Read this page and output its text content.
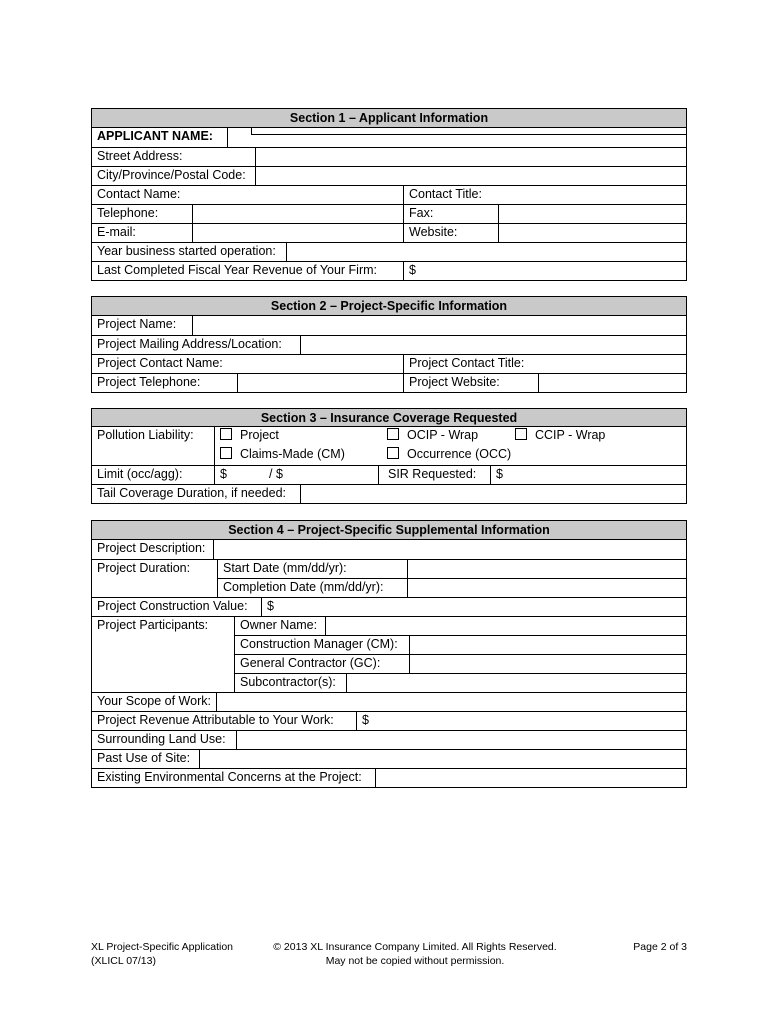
Section 1 – Applicant Information
APPLICANT NAME:
Street Address:
City/Province/Postal Code:
Contact Name:	Contact Title:
Telephone:	Fax:
E-mail:	Website:
Year business started operation:
Last Completed Fiscal Year Revenue of Your Firm:	$
Section 2 – Project-Specific Information
Project Name:
Project Mailing Address/Location:
Project Contact Name:	Project Contact Title:
Project Telephone:	Project Website:
Section 3 – Insurance Coverage Requested
Pollution Liability:	Project	OCIP - Wrap	CCIP - Wrap
Claims-Made (CM)	Occurrence (OCC)
Limit (occ/agg):	$	/ $	SIR Requested:	$
Tail Coverage Duration, if needed:
Section 4 – Project-Specific Supplemental Information
Project Description:
Project Duration:	Start Date (mm/dd/yr):
Completion Date (mm/dd/yr):
Project Construction Value:	$
Project Participants:	Owner Name:
Construction Manager (CM):
General Contractor (GC):
Subcontractor(s):
Your Scope of Work:
Project Revenue Attributable to Your Work:	$
Surrounding Land Use:
Past Use of Site:
Existing Environmental Concerns at the Project:
XL Project-Specific Application
(XLICL 07/13)
© 2013 XL Insurance Company Limited. All Rights Reserved.
May not be copied without permission.
Page 2 of 3
